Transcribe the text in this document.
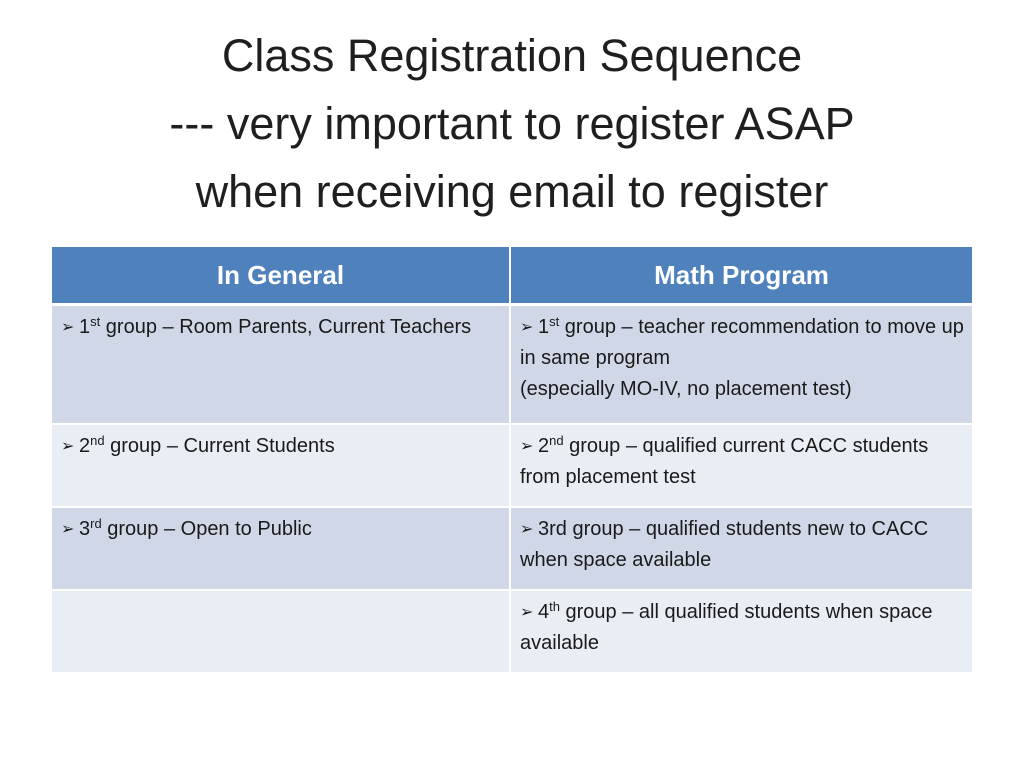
Class Registration Sequence
--- very important to register ASAP
when receiving email to register
In General	Math Program
➢ 1st group – Room Parents, Current Teachers	➢ 1st group – teacher recommendation to move up in same program
(especially MO-IV, no placement test)
➢ 2nd group – Current Students	➢ 2nd group – qualified current CACC students from placement test
➢ 3rd group – Open to Public	➢ 3rd group – qualified students new to CACC when space available
	➢ 4th group – all qualified students when space available
